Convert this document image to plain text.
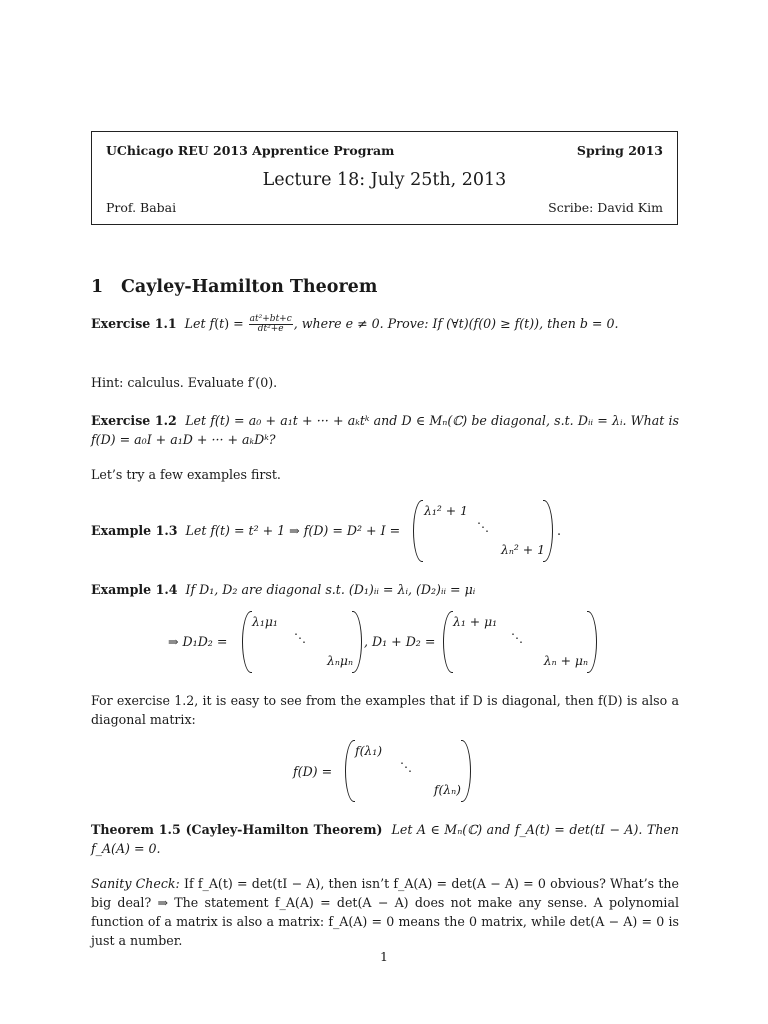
UChicago REU 2013 Apprentice Program	Spring 2013
Lecture 18: July 25th, 2013
Prof. Babai	Scribe: David Kim
1 Cayley-Hamilton Theorem
Exercise 1.1 Let $f(t) = \frac{\text{at²+bt+c}}{\text{dt²+e}}$ , where e ≠ 0. Prove: If (∀t)(f(0) ≥ f(t)), then b = 0.
Hint: calculus. Evaluate f′(0).
Exercise 1.2 Let f(t) = a₀ + a₁t + ··· + aₖtᵏ and D ∈ Mₙ(ℂ) be diagonal, s.t. Dᵢᵢ = λᵢ. What is f(D) = a₀I + a₁D + ··· + aₖDᵏ?
Let’s try a few examples first.
Example 1.3 Let f(t) = t² + 1 ⇒ f(D) = D² + I =
λ₁² + 1
⋱
λₙ² + 1
.
Example 1.4 If D₁, D₂ are diagonal s.t. (D₁)ᵢᵢ = λᵢ, (D₂)ᵢᵢ = μᵢ
⇒ D₁D₂ =
λ₁μ₁
⋱
λₙμₙ
, D₁ + D₂ =
λ₁ + μ₁
⋱
λₙ + μₙ
For exercise 1.2, it is easy to see from the examples that if D is diagonal, then f(D) is also a diagonal matrix:
f(D) =
f(λ₁)
⋱
f(λₙ)
Theorem 1.5 (Cayley-Hamilton Theorem) Let A ∈ Mₙ(ℂ) and f_A(t) = det(tI − A). Then f_A(A) = 0.
Sanity Check: If f_A(t) = det(tI − A), then isn’t f_A(A) = det(A − A) = 0 obvious? What’s the big deal? ⇒ The statement f_A(A) = det(A − A) does not make any sense. A polynomial function of a matrix is also a matrix: f_A(A) = 0 means the 0 matrix, while det(A − A) = 0 is just a number.
1
